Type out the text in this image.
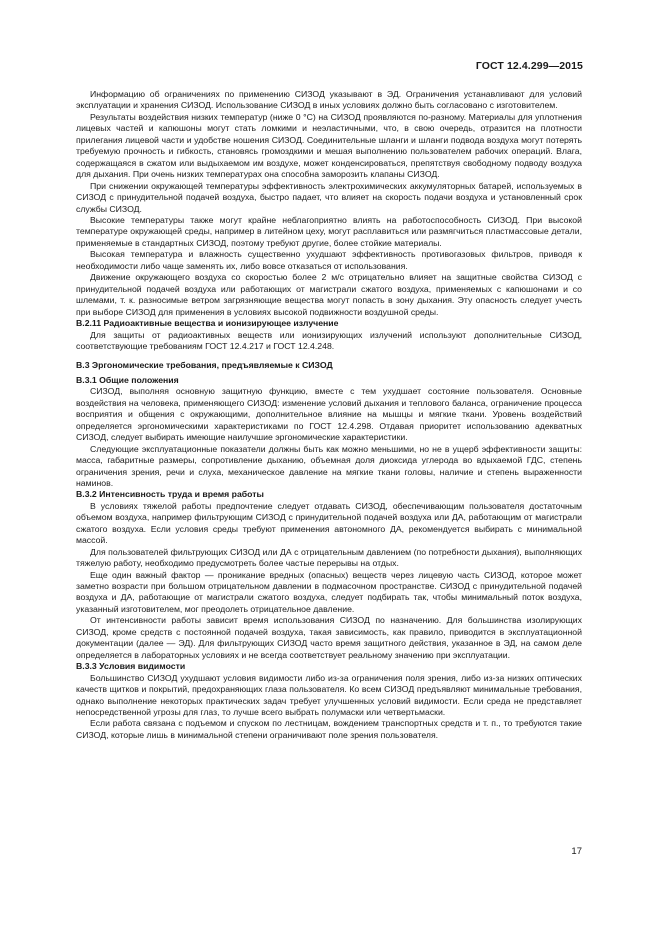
ГОСТ 12.4.299—2015

Информацию об ограничениях по применению СИЗОД указывают в ЭД. Ограничения устанавливают для условий эксплуатации и хранения СИЗОД. Использование СИЗОД в иных условиях должно быть согласовано с изготовителем.

Результаты воздействия низких температур (ниже 0 °С) на СИЗОД проявляются по-разному. Материалы для уплотнения лицевых частей и капюшоны могут стать ломкими и неэластичными, что, в свою очередь, отразится на плотности прилегания лицевой части и удобстве ношения СИЗОД. Соединительные шланги и шланги подвода воздуха могут потерять требуемую прочность и гибкость, становясь громоздкими и мешая выполнению пользователем рабочих операций. Влага, содержащаяся в сжатом или выдыхаемом им воздухе, может конденсироваться, препятствуя свободному подводу воздуха для дыхания. При очень низких температурах она способна заморозить клапаны СИЗОД.

При снижении окружающей температуры эффективность электрохимических аккумуляторных батарей, используемых в СИЗОД с принудительной подачей воздуха, быстро падает, что влияет на скорость подачи воздуха и установленный срок службы СИЗОД.

Высокие температуры также могут крайне неблагоприятно влиять на работоспособность СИЗОД. При высокой температуре окружающей среды, например в литейном цеху, могут расплавиться или размягчиться пластмассовые детали, применяемые в стандартных СИЗОД, поэтому требуют другие, более стойкие материалы.

Высокая температура и влажность существенно ухудшают эффективность противогазовых фильтров, приводя к необходимости либо чаще заменять их, либо вовсе отказаться от использования.

Движение окружающего воздуха со скоростью более 2 м/с отрицательно влияет на защитные свойства СИЗОД с принудительной подачей воздуха или работающих от магистрали сжатого воздуха, применяемых с капюшонами и со шлемами, т. к. разносимые ветром загрязняющие вещества могут попасть в зону дыхания. Эту опасность следует учесть при выборе СИЗОД для применения в условиях высокой подвижности воздушной среды.

В.2.11 Радиоактивные вещества и ионизирующее излучение

Для защиты от радиоактивных веществ или ионизирующих излучений используют дополнительные СИЗОД, соответствующие требованиям ГОСТ 12.4.217 и ГОСТ 12.4.248.

В.3 Эргономические требования, предъявляемые к СИЗОД
В.3.1 Общие положения

СИЗОД, выполняя основную защитную функцию, вместе с тем ухудшает состояние пользователя. Основные воздействия на человека, применяющего СИЗОД: изменение условий дыхания и теплового баланса, ограничение процесса восприятия и общения с окружающими, дополнительное влияние на мышцы и мягкие ткани. Уровень воздействий определяется эргономическими характеристиками по ГОСТ 12.4.298. Отдавая приоритет использованию адекватных СИЗОД, следует выбирать имеющие наилучшие эргономические характеристики.

Следующие эксплуатационные показатели должны быть как можно меньшими, но не в ущерб эффективности защиты: масса, габаритные размеры, сопротивление дыханию, объемная доля диоксида углерода во вдыхаемой ГДС, степень ограничения зрения, речи и слуха, механическое давление на мягкие ткани головы, наличие и степень выраженности наминов.

В.3.2 Интенсивность труда и время работы

В условиях тяжелой работы предпочтение следует отдавать СИЗОД, обеспечивающим пользователя достаточным объемом воздуха, например фильтрующим СИЗОД с принудительной подачей воздуха или ДА, работающим от магистрали сжатого воздуха. Если условия среды требуют применения автономного ДА, рекомендуется выбирать с минимальной массой.

Для пользователей фильтрующих СИЗОД или ДА с отрицательным давлением (по потребности дыхания), выполняющих тяжелую работу, необходимо предусмотреть более частые перерывы на отдых.

Еще один важный фактор — проникание вредных (опасных) веществ через лицевую часть СИЗОД, которое может заметно возрасти при большом отрицательном давлении в подмасочном пространстве. СИЗОД с принудительной подачей воздуха и ДА, работающие от магистрали сжатого воздуха, следует подбирать так, чтобы минимальный поток воздуха, указанный изготовителем, мог преодолеть отрицательное давление.

От интенсивности работы зависит время использования СИЗОД по назначению. Для большинства изолирующих СИЗОД, кроме средств с постоянной подачей воздуха, такая зависимость, как правило, приводится в эксплуатационной документации (далее — ЭД). Для фильтрующих СИЗОД часто время защитного действия, указанное в ЭД, на самом деле определяется в лабораторных условиях и не всегда соответствует реальному значению при эксплуатации.

В.3.3 Условия видимости

Большинство СИЗОД ухудшают условия видимости либо из-за ограничения поля зрения, либо из-за низких оптических качеств щитков и покрытий, предохраняющих глаза пользователя. Ко всем СИЗОД предъявляют минимальные требования, однако выполнение некоторых практических задач требует улучшенных условий видимости. Если среда не представляет непосредственной угрозы для глаз, то лучше всего выбрать полумаски или четвертьмаски.

Если работа связана с подъемом и спуском по лестницам, вождением транспортных средств и т. п., то требуются такие СИЗОД, которые лишь в минимальной степени ограничивают поле зрения пользователя.

17
